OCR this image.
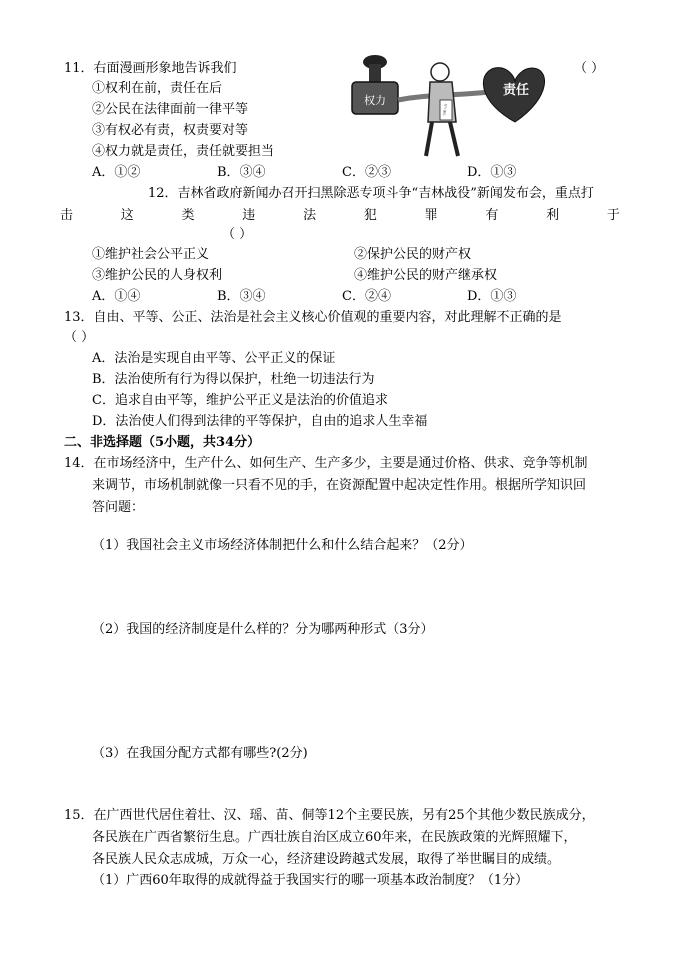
11．右面漫画形象地告诉我们	（ ）
①权利在前，责任在后
②公民在法律面前一律平等
③有权必有责，权责要对等
④权力就是责任，责任就要担当
A．①②	B．③④	C．②③	D．①③
权力
公职人员
责任
12．吉林省政府新闻办召开扫黑除恶专项斗争“吉林战役”新闻发布会，重点打
击	这	类	违	法	犯	罪	有	利	于
（ ）
①维护社会公平正义	②保护公民的财产权
③维护公民的人身权利	④维护公民的财产继承权
A．①④	B．③④	C．②④	D．①③
13．自由、平等、公正、法治是社会主义核心价值观的重要内容，对此理解不正确的是
（ ）
A．法治是实现自由平等、公平正义的保证
B．法治使所有行为得以保护，杜绝一切违法行为
C．追求自由平等，维护公平正义是法治的价值追求
D．法治使人们得到法律的平等保护，自由的追求人生幸福
二、非选择题（5小题，共34分）
14．在市场经济中，生产什么、如何生产、生产多少，主要是通过价格、供求、竞争等机制
来调节，市场机制就像一只看不见的手，在资源配置中起决定性作用。根据所学知识回
答问题：
（1）我国社会主义市场经济体制把什么和什么结合起来？（2分）
（2）我国的经济制度是什么样的？分为哪两种形式（3分）
（3）在我国分配方式都有哪些?(2分)
15．在广西世代居住着壮、汉、瑶、苗、侗等12个主要民族，另有25个其他少数民族成分，
各民族在广西省繁衍生息。广西壮族自治区成立60年来，在民族政策的光辉照耀下，
各民族人民众志成城，万众一心，经济建设跨越式发展，取得了举世瞩目的成绩。
（1）广西60年取得的成就得益于我国实行的哪一项基本政治制度？（1分）
